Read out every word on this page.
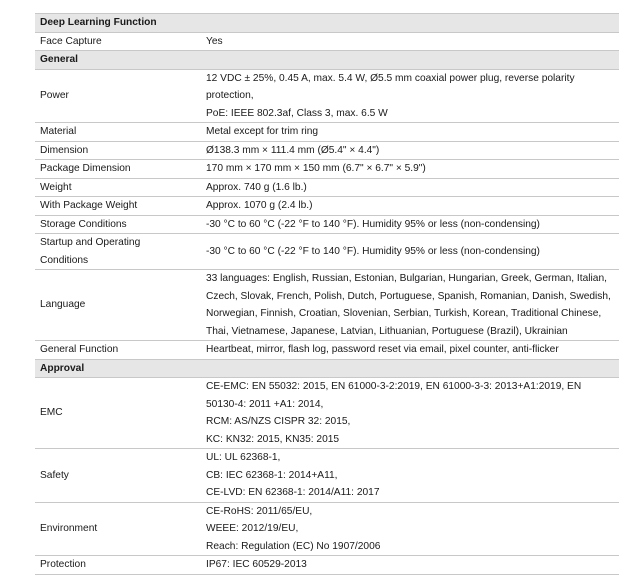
Deep Learning Function	

Face Capture	Yes

General	

Power	12 VDC ± 25%, 0.45 A, max. 5.4 W, Ø5.5 mm coaxial power plug, reverse polarity
protection,
PoE: IEEE 802.3af, Class 3, max. 6.5 W

Material	Metal except for trim ring

Dimension	Ø138.3 mm × 111.4 mm (Ø5.4" × 4.4")

Package Dimension	170 mm × 170 mm × 150 mm (6.7" × 6.7" × 5.9")

Weight	Approx. 740 g (1.6 lb.)

With Package Weight	Approx. 1070 g (2.4 lb.)

Storage Conditions	-30 °C to 60 °C (-22 °F to 140 °F). Humidity 95% or less (non-condensing)

Startup and Operating
Conditions	-30 °C to 60 °C (-22 °F to 140 °F). Humidity 95% or less (non-condensing)

Language	33 languages: English, Russian, Estonian, Bulgarian, Hungarian, Greek, German, Italian,
Czech, Slovak, French, Polish, Dutch, Portuguese, Spanish, Romanian, Danish, Swedish,
Norwegian, Finnish, Croatian, Slovenian, Serbian, Turkish, Korean, Traditional Chinese,
Thai, Vietnamese, Japanese, Latvian, Lithuanian, Portuguese (Brazil), Ukrainian

General Function	Heartbeat, mirror, flash log, password reset via email, pixel counter, anti-flicker

Approval	

EMC	CE-EMC: EN 55032: 2015, EN 61000-3-2:2019, EN 61000-3-3: 2013+A1:2019, EN
50130-4: 2011 +A1: 2014,
RCM: AS/NZS CISPR 32: 2015,
KC: KN32: 2015, KN35: 2015

Safety	UL: UL 62368-1,
CB: IEC 62368-1: 2014+A11,
CE-LVD: EN 62368-1: 2014/A11: 2017

Environment	CE-RoHS: 2011/65/EU,
WEEE: 2012/19/EU,
Reach: Regulation (EC) No 1907/2006

Protection	IP67: IEC 60529-2013
